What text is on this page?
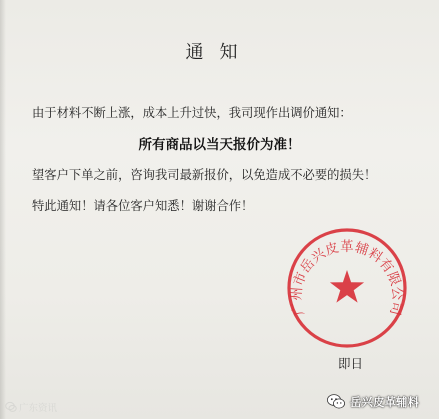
通知
由于材料不断上涨，成本上升过快，我司现作出调价通知：
所有商品以当天报价为准！
望客户下单之前，咨询我司最新报价，以免造成不必要的损失！
特此通知！请各位客户知悉！谢谢合作！
广州市岳兴皮革辅料有限公司
即日
广东资讯	岳兴皮革辅料
